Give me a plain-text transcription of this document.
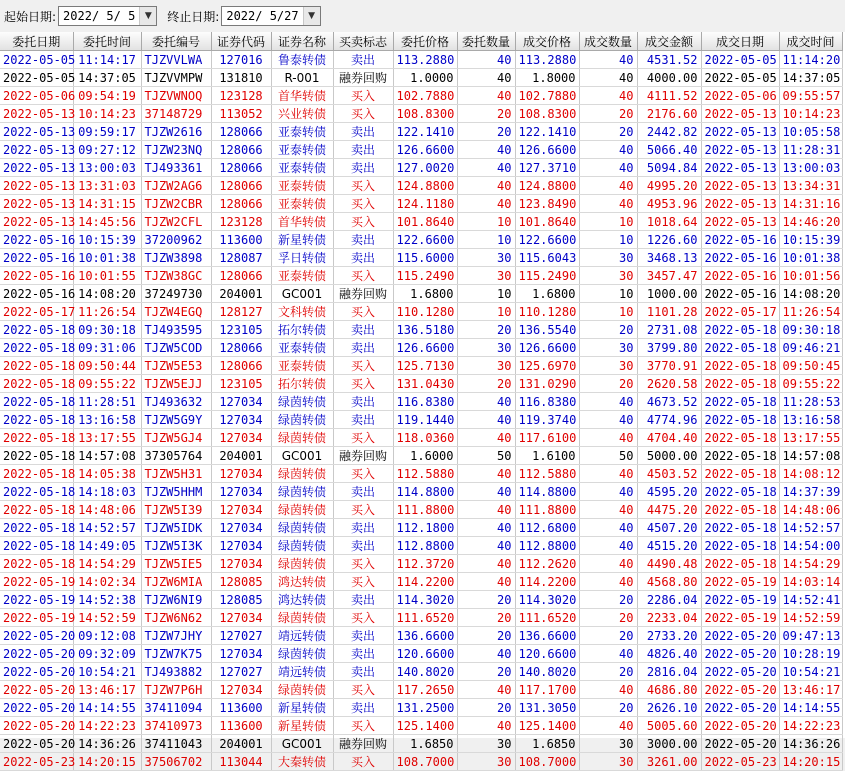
起始日期: 2022/ 5/ 5	▼	终止日期: 2022/ 5/27	▼
委托日期	委托时间	委托编号	证券代码	证券名称	买卖标志	委托价格	委托数量	成交价格	成交数量	成交金额	成交日期	成交时间
2022-05-05	11:14:17	TJZVVLWA	127016	鲁泰转债	卖出	113.2880	40	113.2880	40	4531.52	2022-05-05	11:14:20
2022-05-05	14:37:05	TJZVVMPW	131810	R-001	融券回购	1.0000	40	1.8000	40	4000.00	2022-05-05	14:37:05
2022-05-06	09:54:19	TJZVWNOQ	123128	首华转债	买入	102.7880	40	102.7880	40	4111.52	2022-05-06	09:55:57
2022-05-13	10:14:23	37148729	113052	兴业转债	买入	108.8300	20	108.8300	20	2176.60	2022-05-13	10:14:23
2022-05-13	09:59:17	TJZW2616	128066	亚泰转债	卖出	122.1410	20	122.1410	20	2442.82	2022-05-13	10:05:58
2022-05-13	09:27:12	TJZW23NQ	128066	亚泰转债	卖出	126.6600	40	126.6600	40	5066.40	2022-05-13	11:28:31
2022-05-13	13:00:03	TJ493361	128066	亚泰转债	卖出	127.0020	40	127.3710	40	5094.84	2022-05-13	13:00:03
2022-05-13	13:31:03	TJZW2AG6	128066	亚泰转债	买入	124.8800	40	124.8800	40	4995.20	2022-05-13	13:34:31
2022-05-13	14:31:15	TJZW2CBR	128066	亚泰转债	买入	124.1180	40	123.8490	40	4953.96	2022-05-13	14:31:16
2022-05-13	14:45:56	TJZW2CFL	123128	首华转债	买入	101.8640	10	101.8640	10	1018.64	2022-05-13	14:46:20
2022-05-16	10:15:39	37200962	113600	新星转债	卖出	122.6600	10	122.6600	10	1226.60	2022-05-16	10:15:39
2022-05-16	10:01:38	TJZW3898	128087	孚日转债	卖出	115.6000	30	115.6043	30	3468.13	2022-05-16	10:01:38
2022-05-16	10:01:55	TJZW38GC	128066	亚泰转债	买入	115.2490	30	115.2490	30	3457.47	2022-05-16	10:01:56
2022-05-16	14:08:20	37249730	204001	GC001	融券回购	1.6800	10	1.6800	10	1000.00	2022-05-16	14:08:20
2022-05-17	11:26:54	TJZW4EGQ	128127	文科转债	买入	110.1280	10	110.1280	10	1101.28	2022-05-17	11:26:54
2022-05-18	09:30:18	TJ493595	123105	拓尔转债	卖出	136.5180	20	136.5540	20	2731.08	2022-05-18	09:30:18
2022-05-18	09:31:06	TJZW5COD	128066	亚泰转债	卖出	126.6600	30	126.6600	30	3799.80	2022-05-18	09:46:21
2022-05-18	09:50:44	TJZW5E53	128066	亚泰转债	买入	125.7130	30	125.6970	30	3770.91	2022-05-18	09:50:45
2022-05-18	09:55:22	TJZW5EJJ	123105	拓尔转债	买入	131.0430	20	131.0290	20	2620.58	2022-05-18	09:55:22
2022-05-18	11:28:51	TJ493632	127034	绿茵转债	卖出	116.8380	40	116.8380	40	4673.52	2022-05-18	11:28:53
2022-05-18	13:16:58	TJZW5G9Y	127034	绿茵转债	卖出	119.1440	40	119.3740	40	4774.96	2022-05-18	13:16:58
2022-05-18	13:17:55	TJZW5GJ4	127034	绿茵转债	买入	118.0360	40	117.6100	40	4704.40	2022-05-18	13:17:55
2022-05-18	14:57:08	37305764	204001	GC001	融券回购	1.6000	50	1.6100	50	5000.00	2022-05-18	14:57:08
2022-05-18	14:05:38	TJZW5H31	127034	绿茵转债	买入	112.5880	40	112.5880	40	4503.52	2022-05-18	14:08:12
2022-05-18	14:18:03	TJZW5HHM	127034	绿茵转债	卖出	114.8800	40	114.8800	40	4595.20	2022-05-18	14:37:39
2022-05-18	14:48:06	TJZW5I39	127034	绿茵转债	买入	111.8800	40	111.8800	40	4475.20	2022-05-18	14:48:06
2022-05-18	14:52:57	TJZW5IDK	127034	绿茵转债	卖出	112.1800	40	112.6800	40	4507.20	2022-05-18	14:52:57
2022-05-18	14:49:05	TJZW5I3K	127034	绿茵转债	卖出	112.8800	40	112.8800	40	4515.20	2022-05-18	14:54:00
2022-05-18	14:54:29	TJZW5IE5	127034	绿茵转债	买入	112.3720	40	112.2620	40	4490.48	2022-05-18	14:54:29
2022-05-19	14:02:34	TJZW6MIA	128085	鸿达转债	买入	114.2200	40	114.2200	40	4568.80	2022-05-19	14:03:14
2022-05-19	14:52:38	TJZW6NI9	128085	鸿达转债	卖出	114.3020	20	114.3020	20	2286.04	2022-05-19	14:52:41
2022-05-19	14:52:59	TJZW6N62	127034	绿茵转债	买入	111.6520	20	111.6520	20	2233.04	2022-05-19	14:52:59
2022-05-20	09:12:08	TJZW7JHY	127027	靖远转债	卖出	136.6600	20	136.6600	20	2733.20	2022-05-20	09:47:13
2022-05-20	09:32:09	TJZW7K75	127034	绿茵转债	卖出	120.6600	40	120.6600	40	4826.40	2022-05-20	10:28:19
2022-05-20	10:54:21	TJ493882	127027	靖远转债	卖出	140.8020	20	140.8020	20	2816.04	2022-05-20	10:54:21
2022-05-20	13:46:17	TJZW7P6H	127034	绿茵转债	买入	117.2650	40	117.1700	40	4686.80	2022-05-20	13:46:17
2022-05-20	14:14:55	37411094	113600	新星转债	卖出	131.2500	20	131.3050	20	2626.10	2022-05-20	14:14:55
2022-05-20	14:22:23	37410973	113600	新星转债	买入	125.1400	40	125.1400	40	5005.60	2022-05-20	14:22:23
2022-05-20	14:36:26	37411043	204001	GC001	融券回购	1.6850	30	1.6850	30	3000.00	2022-05-20	14:36:26
2022-05-23	14:20:15	37506702	113044	大秦转债	买入	108.7000	30	108.7000	30	3261.00	2022-05-23	14:20:15
